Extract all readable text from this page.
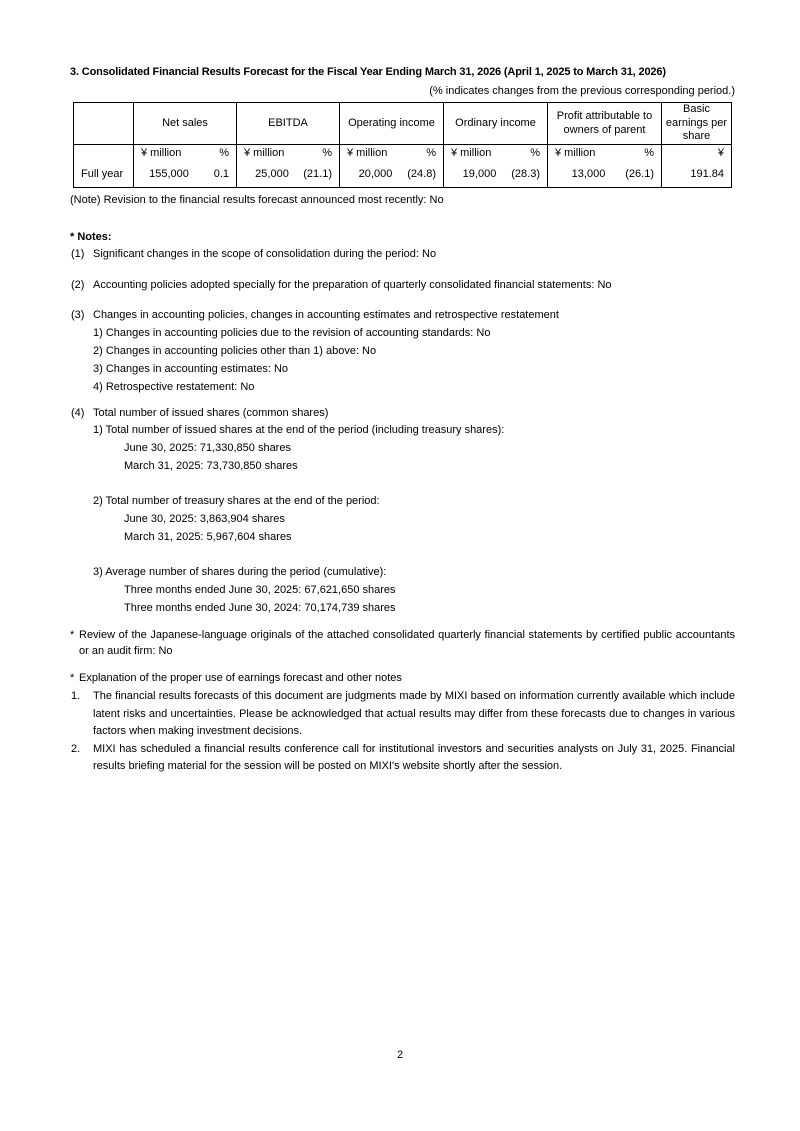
3. Consolidated Financial Results Forecast for the Fiscal Year Ending March 31, 2026 (April 1, 2025 to March 31, 2026)
(% indicates changes from the previous corresponding period.)
	Net sales	EBITDA	Operating income	Ordinary income	Profit attributable to owners of parent	Basic earnings per share

	¥ million %	¥ million %	¥ million %	¥ million %	¥ million %	¥
Full year	155,000 0.1	25,000 (21.1)	20,000 (24.8)	19,000 (28.3)	13,000 (26.1)	191.84
(Note) Revision to the financial results forecast announced most recently: No
* Notes:
(1) Significant changes in the scope of consolidation during the period: No
(2) Accounting policies adopted specially for the preparation of quarterly consolidated financial statements: No
(3) Changes in accounting policies, changes in accounting estimates and retrospective restatement
1) Changes in accounting policies due to the revision of accounting standards: No
2) Changes in accounting policies other than 1) above: No
3) Changes in accounting estimates: No
4) Retrospective restatement: No
(4) Total number of issued shares (common shares)
1) Total number of issued shares at the end of the period (including treasury shares):
June 30, 2025: 71,330,850 shares
March 31, 2025: 73,730,850 shares
2) Total number of treasury shares at the end of the period:
June 30, 2025: 3,863,904 shares
March 31, 2025: 5,967,604 shares
3) Average number of shares during the period (cumulative):
Three months ended June 30, 2025: 67,621,650 shares
Three months ended June 30, 2024: 70,174,739 shares
* Review of the Japanese-language originals of the attached consolidated quarterly financial statements by certified public accountants or an audit firm: No
* Explanation of the proper use of earnings forecast and other notes
1. The financial results forecasts of this document are judgments made by MIXI based on information currently available which include latent risks and uncertainties. Please be acknowledged that actual results may differ from these forecasts due to changes in various factors when making investment decisions.
2. MIXI has scheduled a financial results conference call for institutional investors and securities analysts on July 31, 2025. Financial results briefing material for the session will be posted on MIXI's website shortly after the session.
2
